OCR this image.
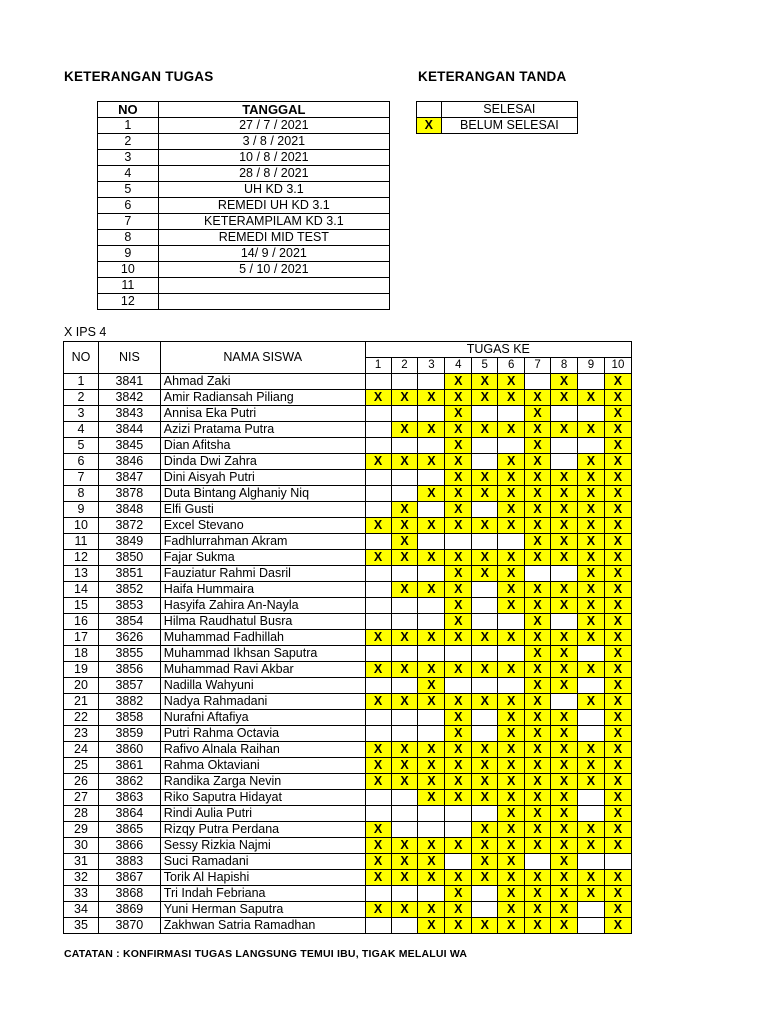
KETERANGAN TUGAS	KETERANGAN TANDA
NO	TANGGAL
1	27 / 7 / 2021
2	3 / 8 / 2021
3	10 / 8 / 2021
4	28 / 8 / 2021
5	UH KD 3.1
6	REMEDI UH KD 3.1
7	KETERAMPILAM KD 3.1
8	REMEDI MID TEST
9	14/ 9 / 2021
10	5 / 10 / 2021
11	
12	
	SELESAI
X	BELUM SELESAI
X IPS 4
NO	NIS	NAMA SISWA	TUGAS KE									
			1	2	3	4	5	6	7	8	9	10
1	3841	Ahmad Zaki				X	X	X		X		X
2	3842	Amir Radiansah Piliang	X	X	X	X	X	X	X	X	X	X
3	3843	Annisa Eka Putri				X			X			X
4	3844	Azizi Pratama Putra		X	X	X	X	X	X	X	X	X
5	3845	Dian Afitsha				X			X			X
6	3846	Dinda Dwi Zahra	X	X	X	X		X	X		X	X
7	3847	Dini Aisyah Putri				X	X	X	X	X	X	X
8	3878	Duta Bintang Alghaniy Niq			X	X	X	X	X	X	X	X
9	3848	Elfi Gusti		X		X		X	X	X	X	X
10	3872	Excel Stevano	X	X	X	X	X	X	X	X	X	X
11	3849	Fadhlurrahman Akram		X					X	X	X	X
12	3850	Fajar Sukma	X	X	X	X	X	X	X	X	X	X
13	3851	Fauziatur Rahmi Dasril				X	X	X			X	X
14	3852	Haifa Hummaira		X	X	X		X	X	X	X	X
15	3853	Hasyifa Zahira An-Nayla				X		X	X	X	X	X
16	3854	Hilma Raudhatul Busra				X			X		X	X
17	3626	Muhammad Fadhillah	X	X	X	X	X	X	X	X	X	X
18	3855	Muhammad Ikhsan Saputra							X	X		X
19	3856	Muhammad Ravi Akbar	X	X	X	X	X	X	X	X	X	X
20	3857	Nadilla Wahyuni			X				X	X		X
21	3882	Nadya Rahmadani	X	X	X	X	X	X	X		X	X
22	3858	Nurafni Aftafiya				X		X	X	X		X
23	3859	Putri Rahma Octavia				X		X	X	X		X
24	3860	Rafivo Alnala Raihan	X	X	X	X	X	X	X	X	X	X
25	3861	Rahma Oktaviani	X	X	X	X	X	X	X	X	X	X
26	3862	Randika Zarga Nevin	X	X	X	X	X	X	X	X	X	X
27	3863	Riko Saputra Hidayat			X	X	X	X	X	X		X
28	3864	Rindi Aulia Putri						X	X	X		X
29	3865	Rizqy Putra Perdana	X				X	X	X	X	X	X
30	3866	Sessy Rizkia Najmi	X	X	X	X	X	X	X	X	X	X
31	3883	Suci Ramadani	X	X	X		X	X		X		
32	3867	Torik Al Hapishi	X	X	X	X	X	X	X	X	X	X
33	3868	Tri Indah Febriana				X		X	X	X	X	X
34	3869	Yuni Herman Saputra	X	X	X	X		X	X	X		X
35	3870	Zakhwan Satria Ramadhan			X	X	X	X	X	X		X
CATATAN : KONFIRMASI TUGAS LANGSUNG TEMUI IBU, TIGAK MELALUI WA
